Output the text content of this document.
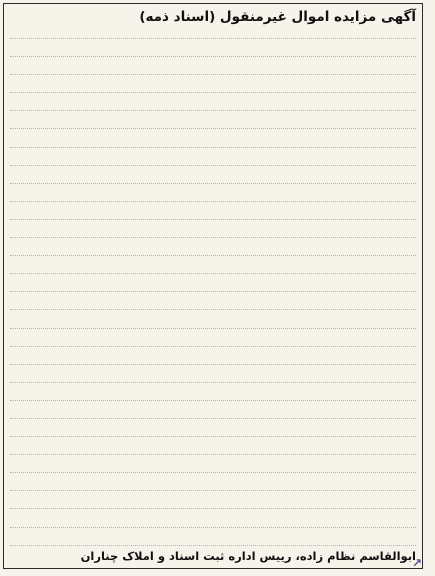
آگهی مزایده اموال غیرمنقول (اسناد ذمه)
ابوالقاسم نظام زاده، رییس اداره ثبت اسناد و املاک چناران
↗
